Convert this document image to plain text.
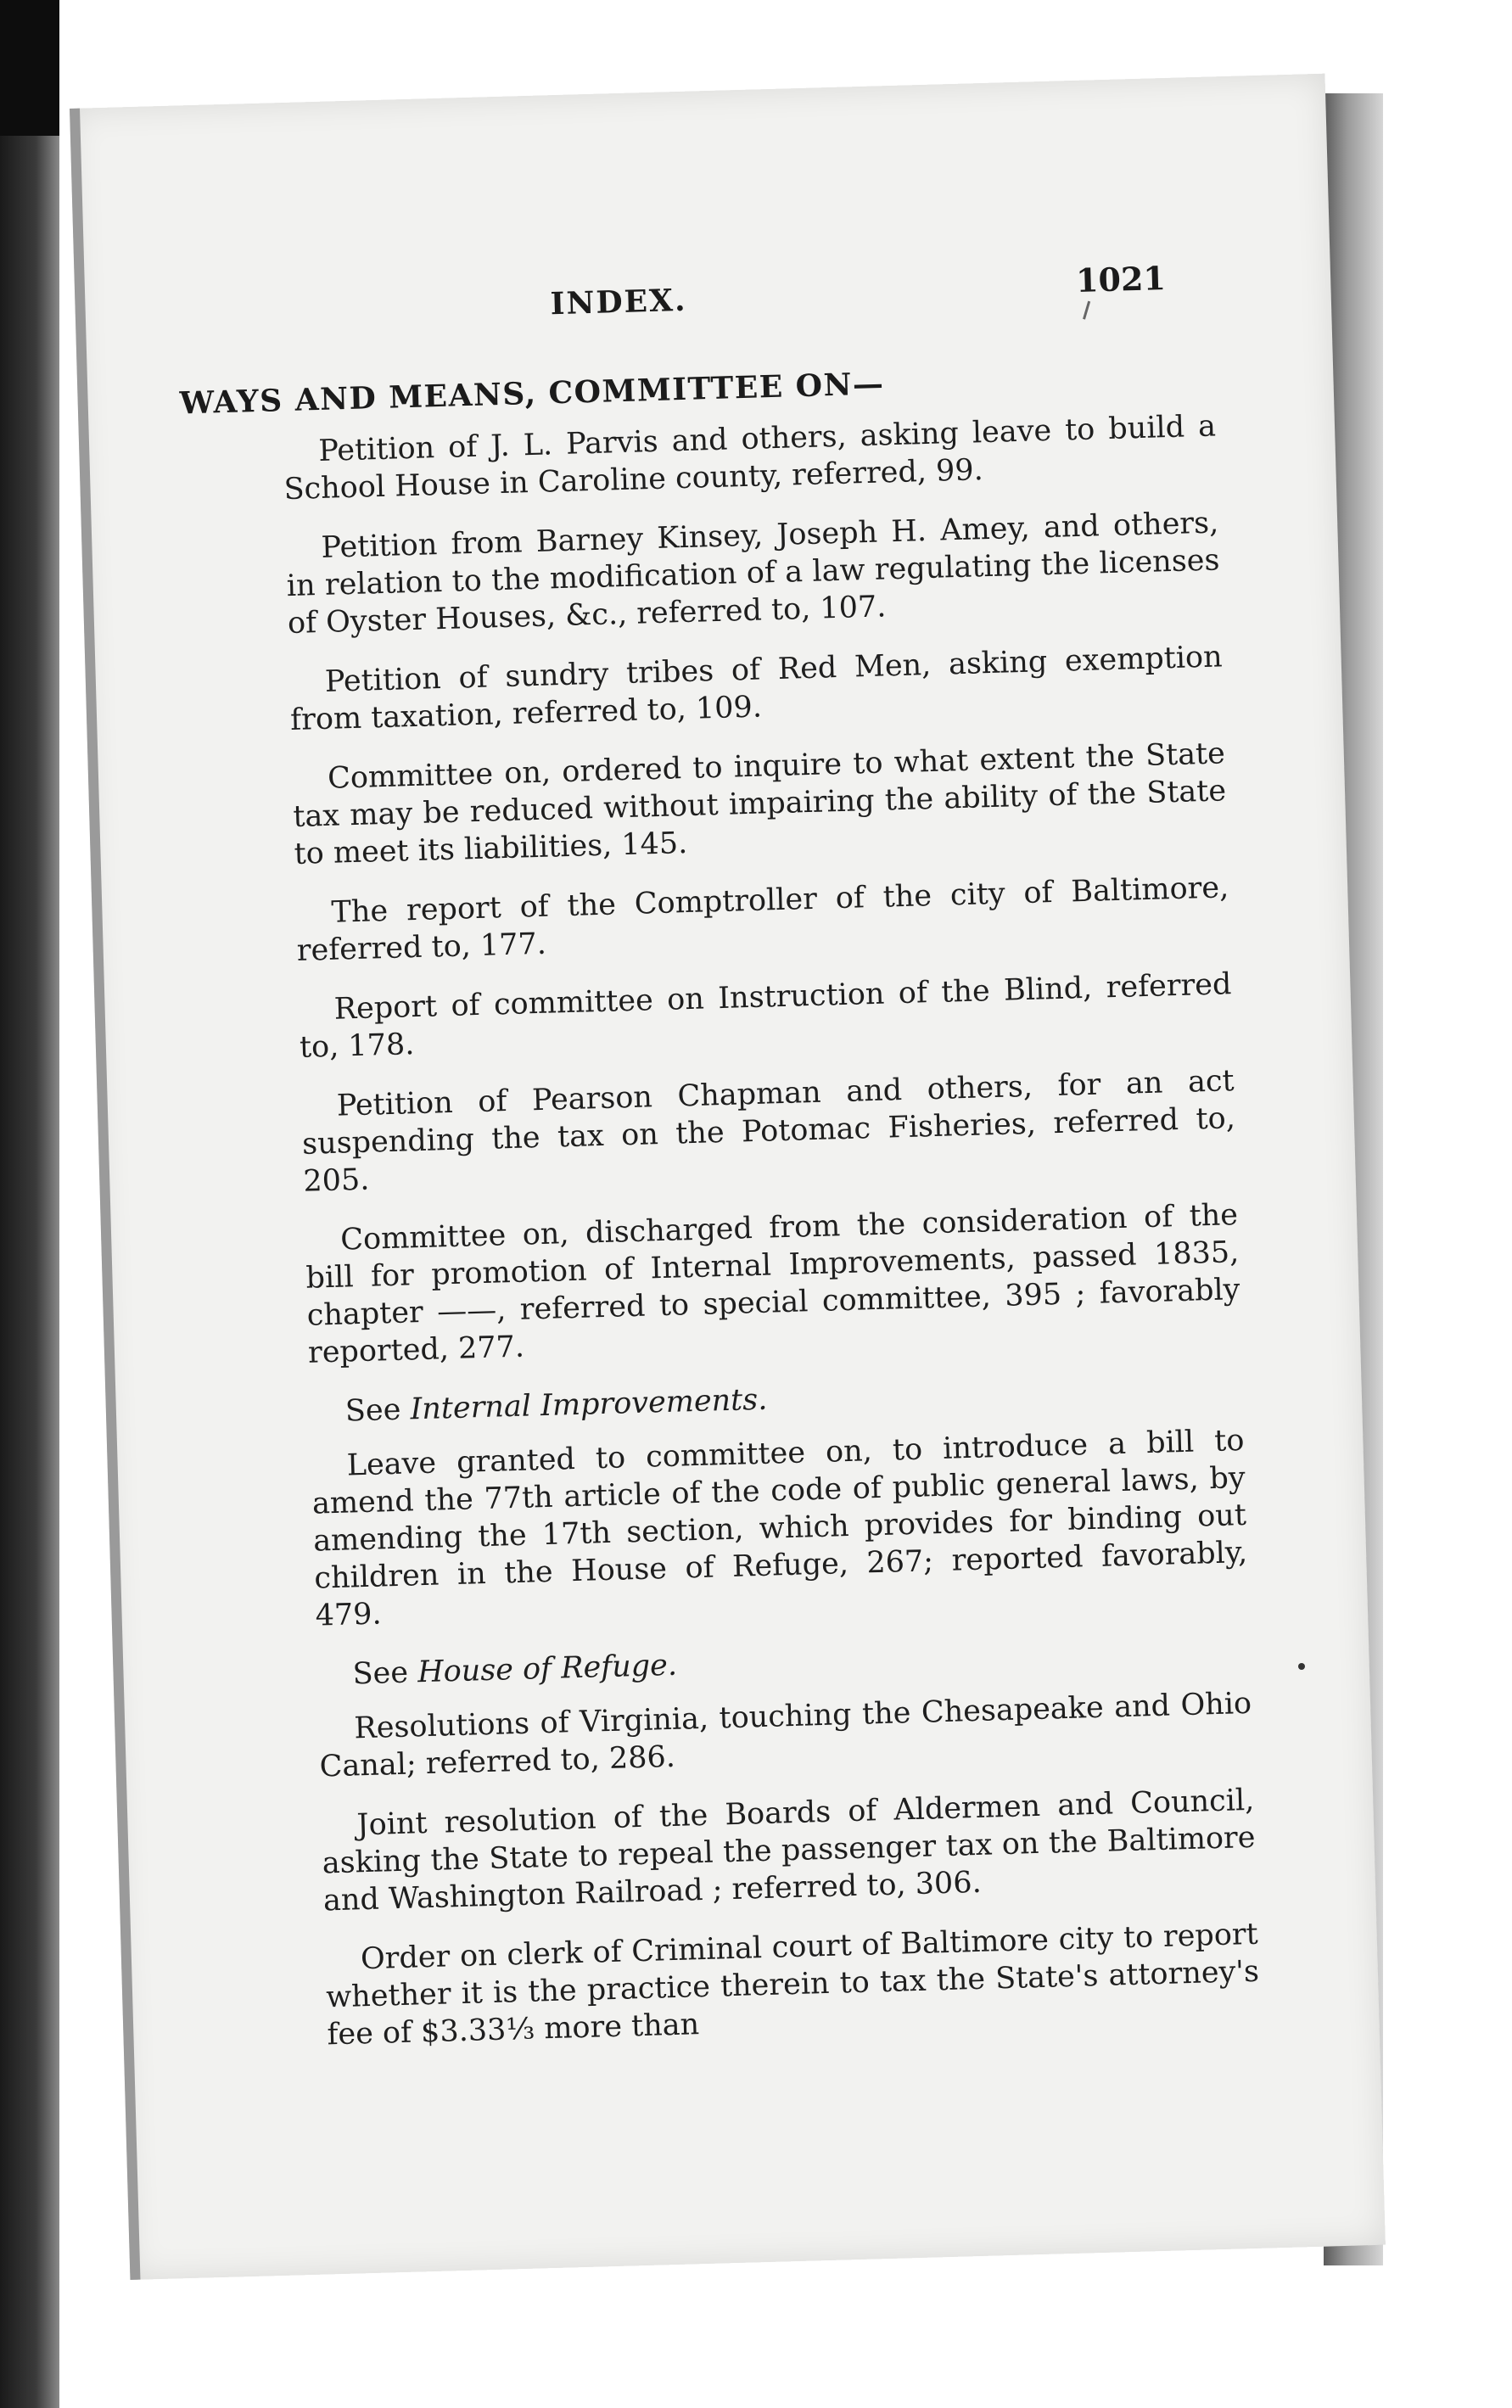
INDEX.
1021
WAYS AND MEANS, COMMITTEE ON—

Petition of J. L. Parvis and others, asking leave to build a School House in Caroline county, referred, 99.

Petition from Barney Kinsey, Joseph H. Amey, and others, in relation to the modification of a law regulating the licenses of Oyster Houses, &c., referred to, 107.

Petition of sundry tribes of Red Men, asking exemption from taxation, referred to, 109.

Committee on, ordered to inquire to what extent the State tax may be reduced without impairing the ability of the State to meet its liabilities, 145.

The report of the Comptroller of the city of Baltimore, referred to, 177.

Report of committee on Instruction of the Blind, referred to, 178.

Petition of Pearson Chapman and others, for an act suspending the tax on the Potomac Fisheries, referred to, 205.

Committee on, discharged from the consideration of the bill for promotion of Internal Improvements, passed 1835, chapter ——, referred to special committee, 395 ; favorably reported, 277.

See Internal Improvements.

Leave granted to committee on, to introduce a bill to amend the 77th article of the code of public general laws, by amending the 17th section, which provides for binding out children in the House of Refuge, 267; reported favorably, 479.

See House of Refuge.

Resolutions of Virginia, touching the Chesapeake and Ohio Canal; referred to, 286.

Joint resolution of the Boards of Aldermen and Council, asking the State to repeal the passenger tax on the Baltimore and Washington Railroad ; referred to, 306.

Order on clerk of Criminal court of Baltimore city to report whether it is the practice therein to tax the State's attorney's fee of $3.33⅓ more than
